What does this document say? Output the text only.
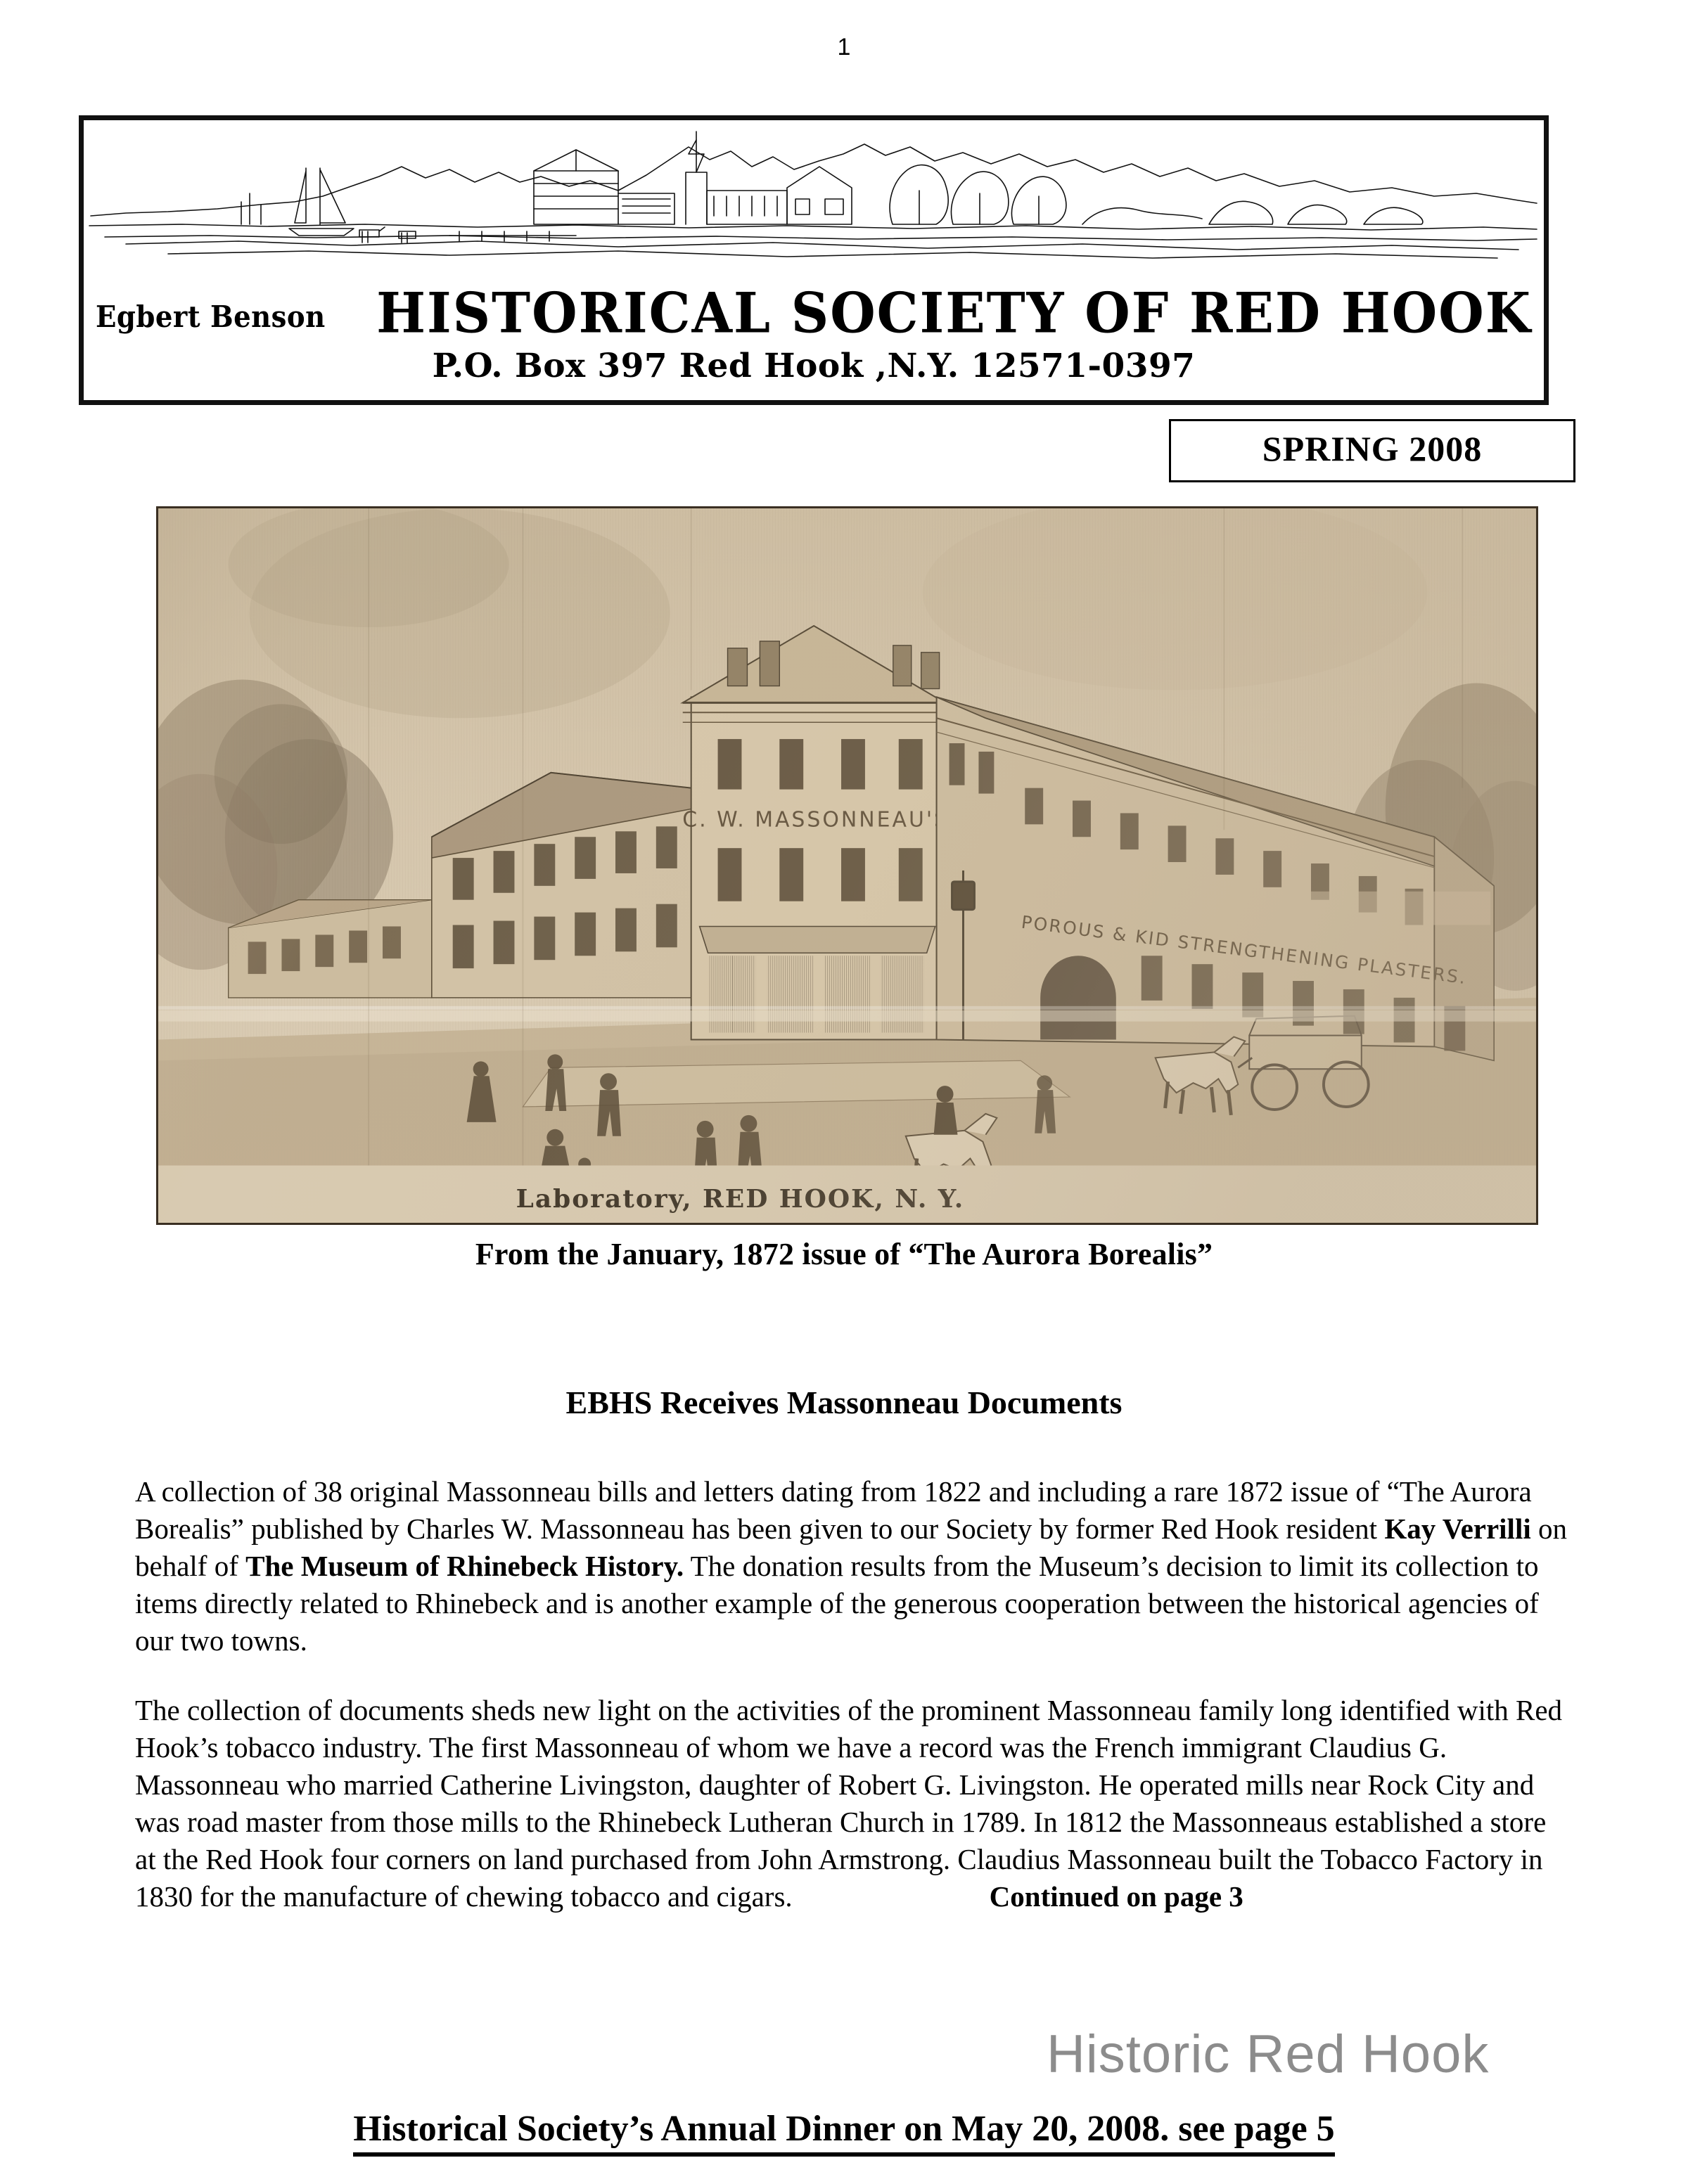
1
Egbert Benson HISTORICAL SOCIETY OF RED HOOK
P.O. Box 397 Red Hook ,N.Y. 12571-0397
SPRING 2008
From the January, 1872 issue of “The Aurora Borealis”
EBHS Receives Massonneau Documents

A collection of 38 original Massonneau bills and letters dating from 1822 and including a rare 1872 issue of “The Aurora Borealis” published by Charles W. Massonneau has been given to our Society by former Red Hook resident Kay Verrilli on behalf of The Museum of Rhinebeck History. The donation results from the Museum’s decision to limit its collection to items directly related to Rhinebeck and is another example of the generous cooperation between the historical agencies of our two towns.

The collection of documents sheds new light on the activities of the prominent Massonneau family long identified with Red Hook’s tobacco industry. The first Massonneau of whom we have a record was the French immigrant Claudius G. Massonneau who married Catherine Livingston, daughter of Robert G. Livingston. He operated mills near Rock City and was road master from those mills to the Rhinebeck Lutheran Church in 1789. In 1812 the Massonneaus established a store at the Red Hook four corners on land purchased from John Armstrong. Claudius Massonneau built the Tobacco Factory in 1830 for the manufacture of chewing tobacco and cigars.	Continued on page 3

Historic Red Hook
Historical Society’s Annual Dinner on May 20, 2008. see page 5
